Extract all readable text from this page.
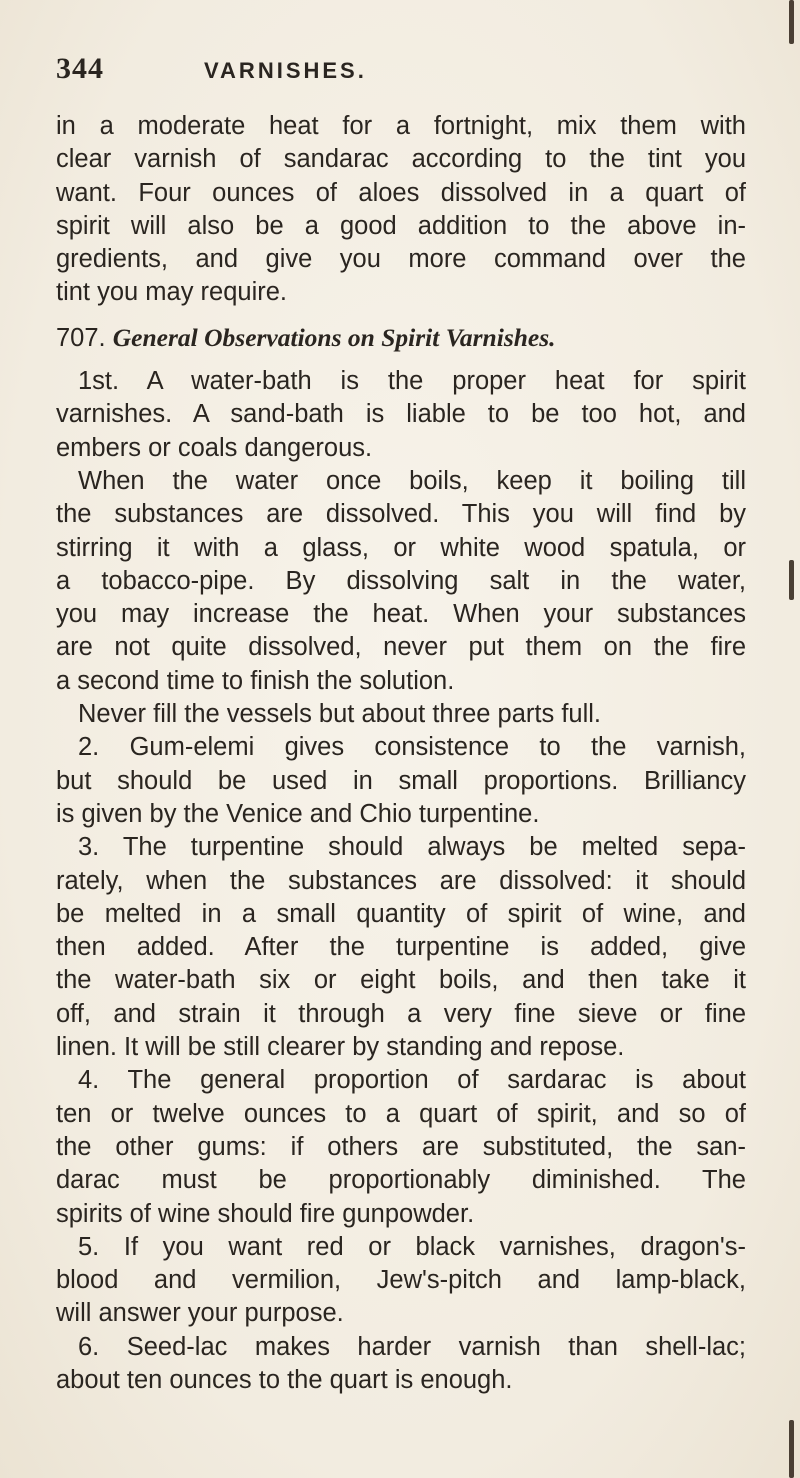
344	VARNISHES.
in a moderate heat for a fortnight, mix them with
clear varnish of sandarac according to the tint you
want. Four ounces of aloes dissolved in a quart of
spirit will also be a good addition to the above in-
gredients, and give you more command over the
tint you may require.
707. General Observations on Spirit Varnishes.
1st. A water-bath is the proper heat for spirit
varnishes. A sand-bath is liable to be too hot, and
embers or coals dangerous.
When the water once boils, keep it boiling till
the substances are dissolved. This you will find by
stirring it with a glass, or white wood spatula, or
a tobacco-pipe. By dissolving salt in the water,
you may increase the heat. When your substances
are not quite dissolved, never put them on the fire
a second time to finish the solution.
Never fill the vessels but about three parts full.
2. Gum-elemi gives consistence to the varnish,
but should be used in small proportions. Brilliancy
is given by the Venice and Chio turpentine.
3. The turpentine should always be melted sepa-
rately, when the substances are dissolved: it should
be melted in a small quantity of spirit of wine, and
then added. After the turpentine is added, give
the water-bath six or eight boils, and then take it
off, and strain it through a very fine sieve or fine
linen. It will be still clearer by standing and repose.
4. The general proportion of sardarac is about
ten or twelve ounces to a quart of spirit, and so of
the other gums: if others are substituted, the san-
darac must be proportionably diminished. The
spirits of wine should fire gunpowder.
5. If you want red or black varnishes, dragon's-
blood and vermilion, Jew's-pitch and lamp-black,
will answer your purpose.
6. Seed-lac makes harder varnish than shell-lac;
about ten ounces to the quart is enough.
